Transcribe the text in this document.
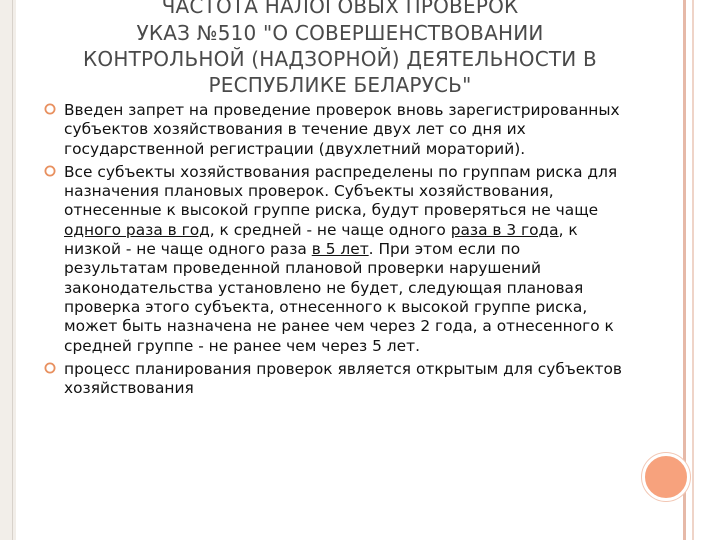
ЧАСТОТА НАЛОГОВЫХ ПРОВЕРОК
УКАЗ №510 "О СОВЕРШЕНСТВОВАНИИ
КОНТРОЛЬНОЙ (НАДЗОРНОЙ) ДЕЯТЕЛЬНОСТИ В
РЕСПУБЛИКЕ БЕЛАРУСЬ"
Введен запрет на проведение проверок вновь зарегистрированных субъектов хозяйствования в течение двух лет со дня их государственной регистрации (двухлетний мораторий).
Все субъекты хозяйствования распределены по группам риска для назначения плановых проверок. Субъекты хозяйствования, отнесенные к высокой группе риска, будут проверяться не чаще одного раза в год, к средней - не чаще одного раза в 3 года, к низкой - не чаще одного раза в 5 лет. При этом если по результатам проведенной плановой проверки нарушений законодательства установлено не будет, следующая плановая проверка этого субъекта, отнесенного к высокой группе риска, может быть назначена не ранее чем через 2 года, а отнесенного к средней группе - не ранее чем через 5 лет.
процесс планирования проверок является открытым для субъектов хозяйствования
